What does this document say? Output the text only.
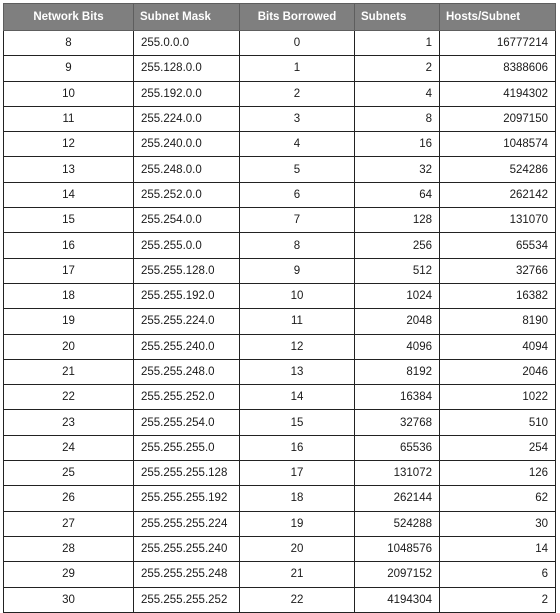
Network Bits	Subnet Mask	Bits Borrowed	Subnets	Hosts/Subnet
8	255.0.0.0	0	1	16777214
9	255.128.0.0	1	2	8388606
10	255.192.0.0	2	4	4194302
11	255.224.0.0	3	8	2097150
12	255.240.0.0	4	16	1048574
13	255.248.0.0	5	32	524286
14	255.252.0.0	6	64	262142
15	255.254.0.0	7	128	131070
16	255.255.0.0	8	256	65534
17	255.255.128.0	9	512	32766
18	255.255.192.0	10	1024	16382
19	255.255.224.0	11	2048	8190
20	255.255.240.0	12	4096	4094
21	255.255.248.0	13	8192	2046
22	255.255.252.0	14	16384	1022
23	255.255.254.0	15	32768	510
24	255.255.255.0	16	65536	254
25	255.255.255.128	17	131072	126
26	255.255.255.192	18	262144	62
27	255.255.255.224	19	524288	30
28	255.255.255.240	20	1048576	14
29	255.255.255.248	21	2097152	6
30	255.255.255.252	22	4194304	2
